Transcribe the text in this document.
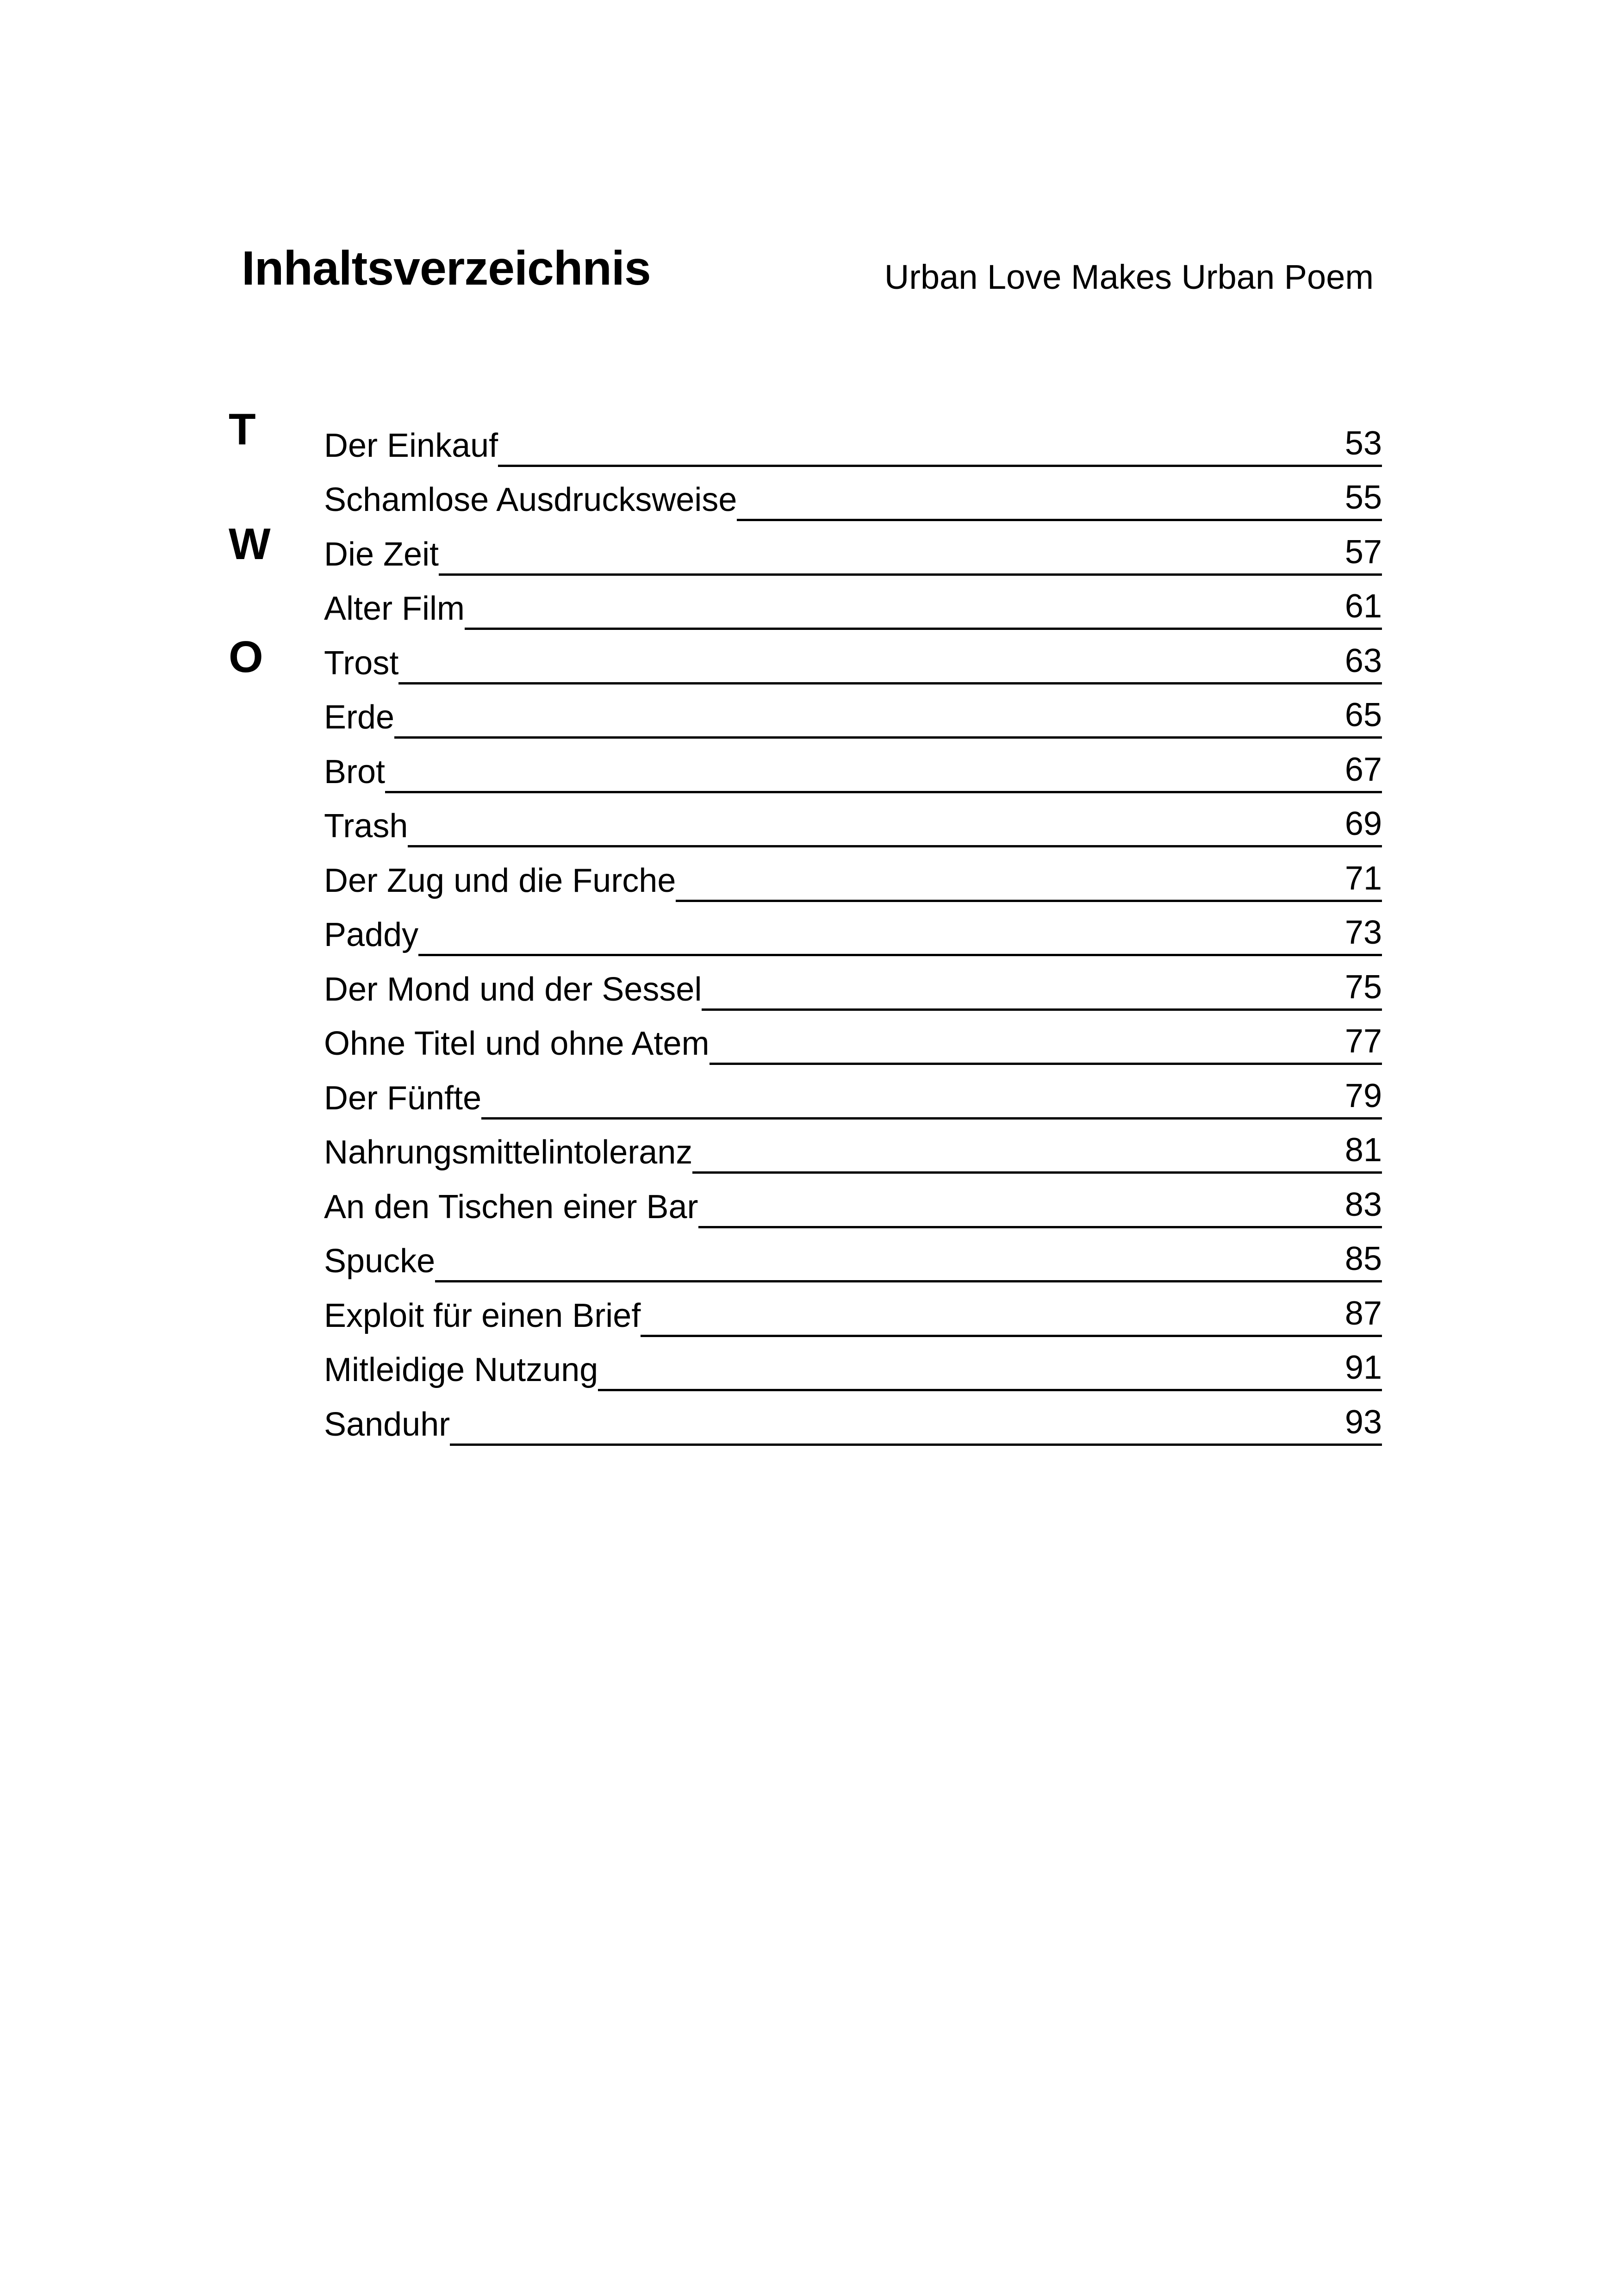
Inhaltsverzeichnis	Urban Love Makes Urban Poem
T
W
O
Der Einkauf	53
Schamlose Ausdrucksweise	55
Die Zeit	57
Alter Film	61
Trost	63
Erde	65
Brot	67
Trash	69
Der Zug und die Furche	71
Paddy	73
Der Mond und der Sessel	75
Ohne Titel und ohne Atem	77
Der Fünfte	79
Nahrungsmittelintoleranz	81
An den Tischen einer Bar	83
Spucke	85
Exploit für einen Brief	87
Mitleidige Nutzung	91
Sanduhr	93
